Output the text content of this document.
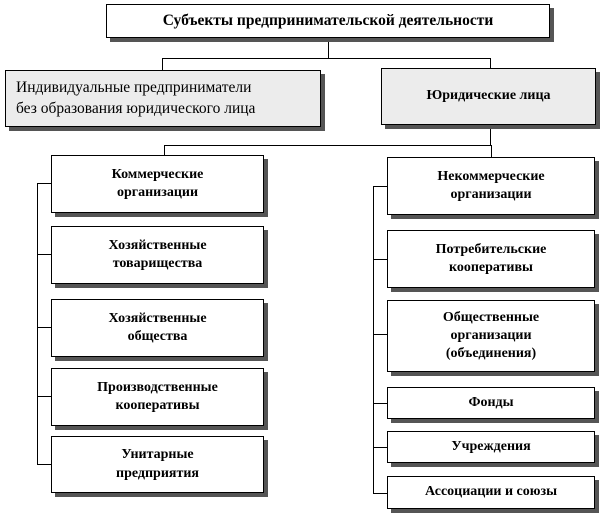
Субъекты предпринимательской деятельности
Индивидуальные предприниматели
без образования юридического лица
Юридические лица
Коммерческие
организации
Хозяйственные
товарищества
Хозяйственные
общества
Производственные
кооперативы
Унитарные
предприятия
Некоммерческие
организации
Потребительские
кооперативы
Общественные
организации
(объединения)
Фонды
Учреждения
Ассоциации и союзы
